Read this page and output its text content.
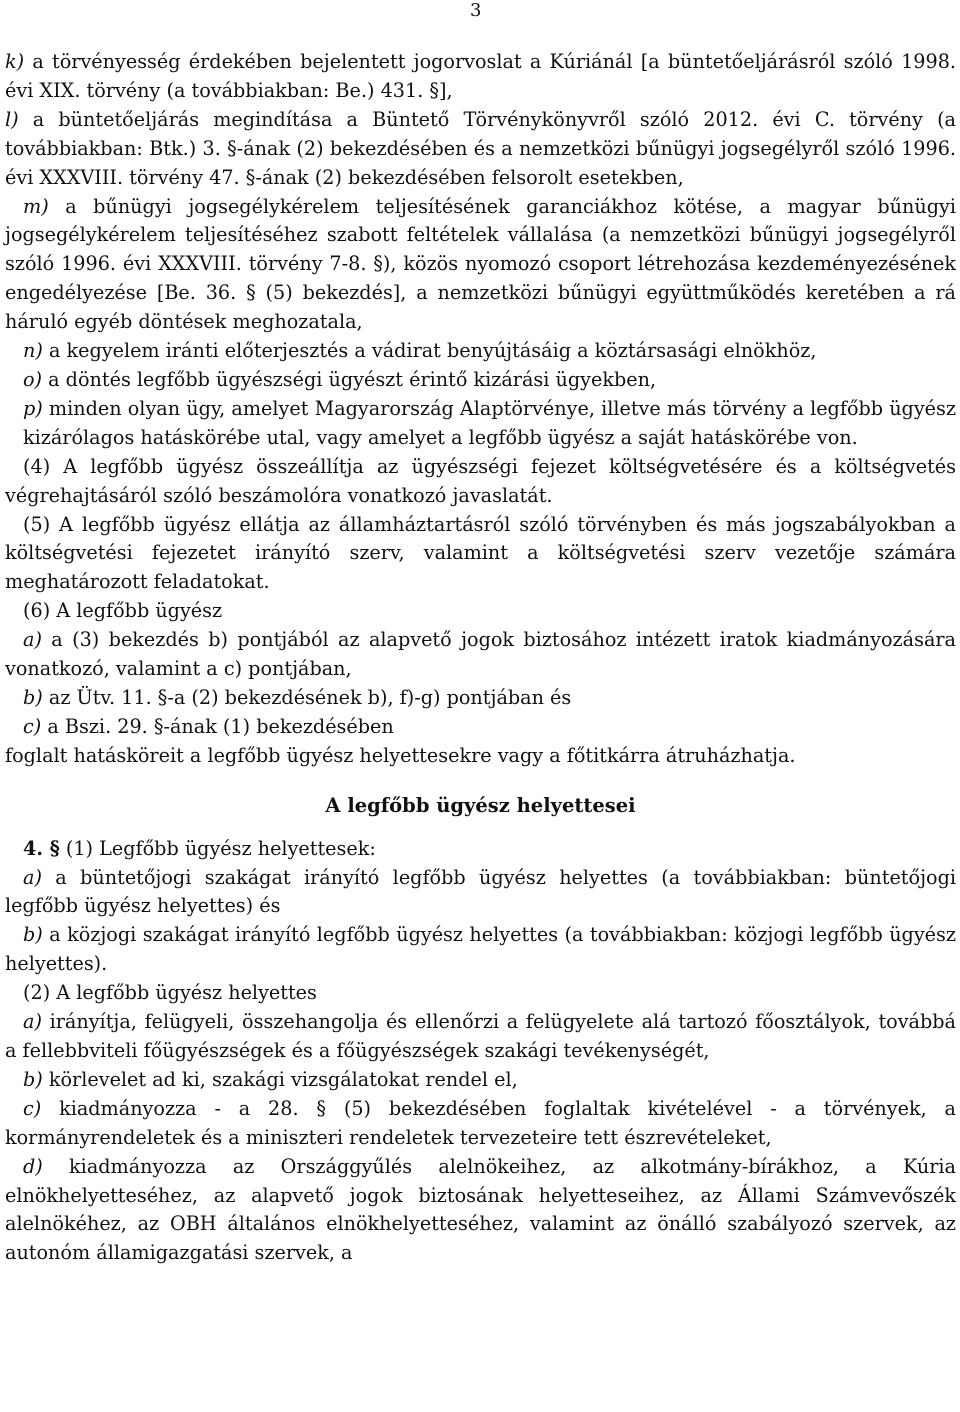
3

k) a törvényesség érdekében bejelentett jogorvoslat a Kúriánál [a büntetőeljárásról szóló 1998. évi XIX. törvény (a továbbiakban: Be.) 431. §],

l) a büntetőeljárás megindítása a Büntető Törvénykönyvről szóló 2012. évi C. törvény (a továbbiakban: Btk.) 3. §-ának (2) bekezdésében és a nemzetközi bűnügyi jogsegélyről szóló 1996. évi XXXVIII. törvény 47. §-ának (2) bekezdésében felsorolt esetekben,

m) a bűnügyi jogsegélykérelem teljesítésének garanciákhoz kötése, a magyar bűnügyi jogsegélykérelem teljesítéséhez szabott feltételek vállalása (a nemzetközi bűnügyi jogsegélyről szóló 1996. évi XXXVIII. törvény 7-8. §), közös nyomozó csoport létrehozása kezdeményezésének engedélyezése [Be. 36. § (5) bekezdés], a nemzetközi bűnügyi együttműködés keretében a rá háruló egyéb döntések meghozatala,

n) a kegyelem iránti előterjesztés a vádirat benyújtásáig a köztársasági elnökhöz,

o) a döntés legfőbb ügyészségi ügyészt érintő kizárási ügyekben,

p) minden olyan ügy, amelyet Magyarország Alaptörvénye, illetve más törvény a legfőbb ügyész kizárólagos hatáskörébe utal, vagy amelyet a legfőbb ügyész a saját hatáskörébe von.

(4) A legfőbb ügyész összeállítja az ügyészségi fejezet költségvetésére és a költségvetés végrehajtásáról szóló beszámolóra vonatkozó javaslatát.

(5) A legfőbb ügyész ellátja az államháztartásról szóló törvényben és más jogszabályokban a költségvetési fejezetet irányító szerv, valamint a költségvetési szerv vezetője számára meghatározott feladatokat.

(6) A legfőbb ügyész

a) a (3) bekezdés b) pontjából az alapvető jogok biztosához intézett iratok kiadmányozására vonatkozó, valamint a c) pontjában,

b) az Ütv. 11. §-a (2) bekezdésének b), f)-g) pontjában és

c) a Bszi. 29. §-ának (1) bekezdésében

foglalt hatásköreit a legfőbb ügyész helyettesekre vagy a főtitkárra átruházhatja.

A legfőbb ügyész helyettesei

4. § (1) Legfőbb ügyész helyettesek:

a) a büntetőjogi szakágat irányító legfőbb ügyész helyettes (a továbbiakban: büntetőjogi legfőbb ügyész helyettes) és

b) a közjogi szakágat irányító legfőbb ügyész helyettes (a továbbiakban: közjogi legfőbb ügyész helyettes).

(2) A legfőbb ügyész helyettes

a) irányítja, felügyeli, összehangolja és ellenőrzi a felügyelete alá tartozó főosztályok, továbbá a fellebbviteli főügyészségek és a főügyészségek szakági tevékenységét,

b) körlevelet ad ki, szakági vizsgálatokat rendel el,

c) kiadmányozza - a 28. § (5) bekezdésében foglaltak kivételével - a törvények, a kormányrendeletek és a miniszteri rendeletek tervezeteire tett észrevételeket,

d) kiadmányozza az Országgyűlés alelnökeihez, az alkotmány-bírákhoz, a Kúria elnökhelyetteséhez, az alapvető jogok biztosának helyetteseihez, az Állami Számvevőszék alelnökéhez, az OBH általános elnökhelyetteséhez, valamint az önálló szabályozó szervek, az autonóm államigazgatási szervek, a
